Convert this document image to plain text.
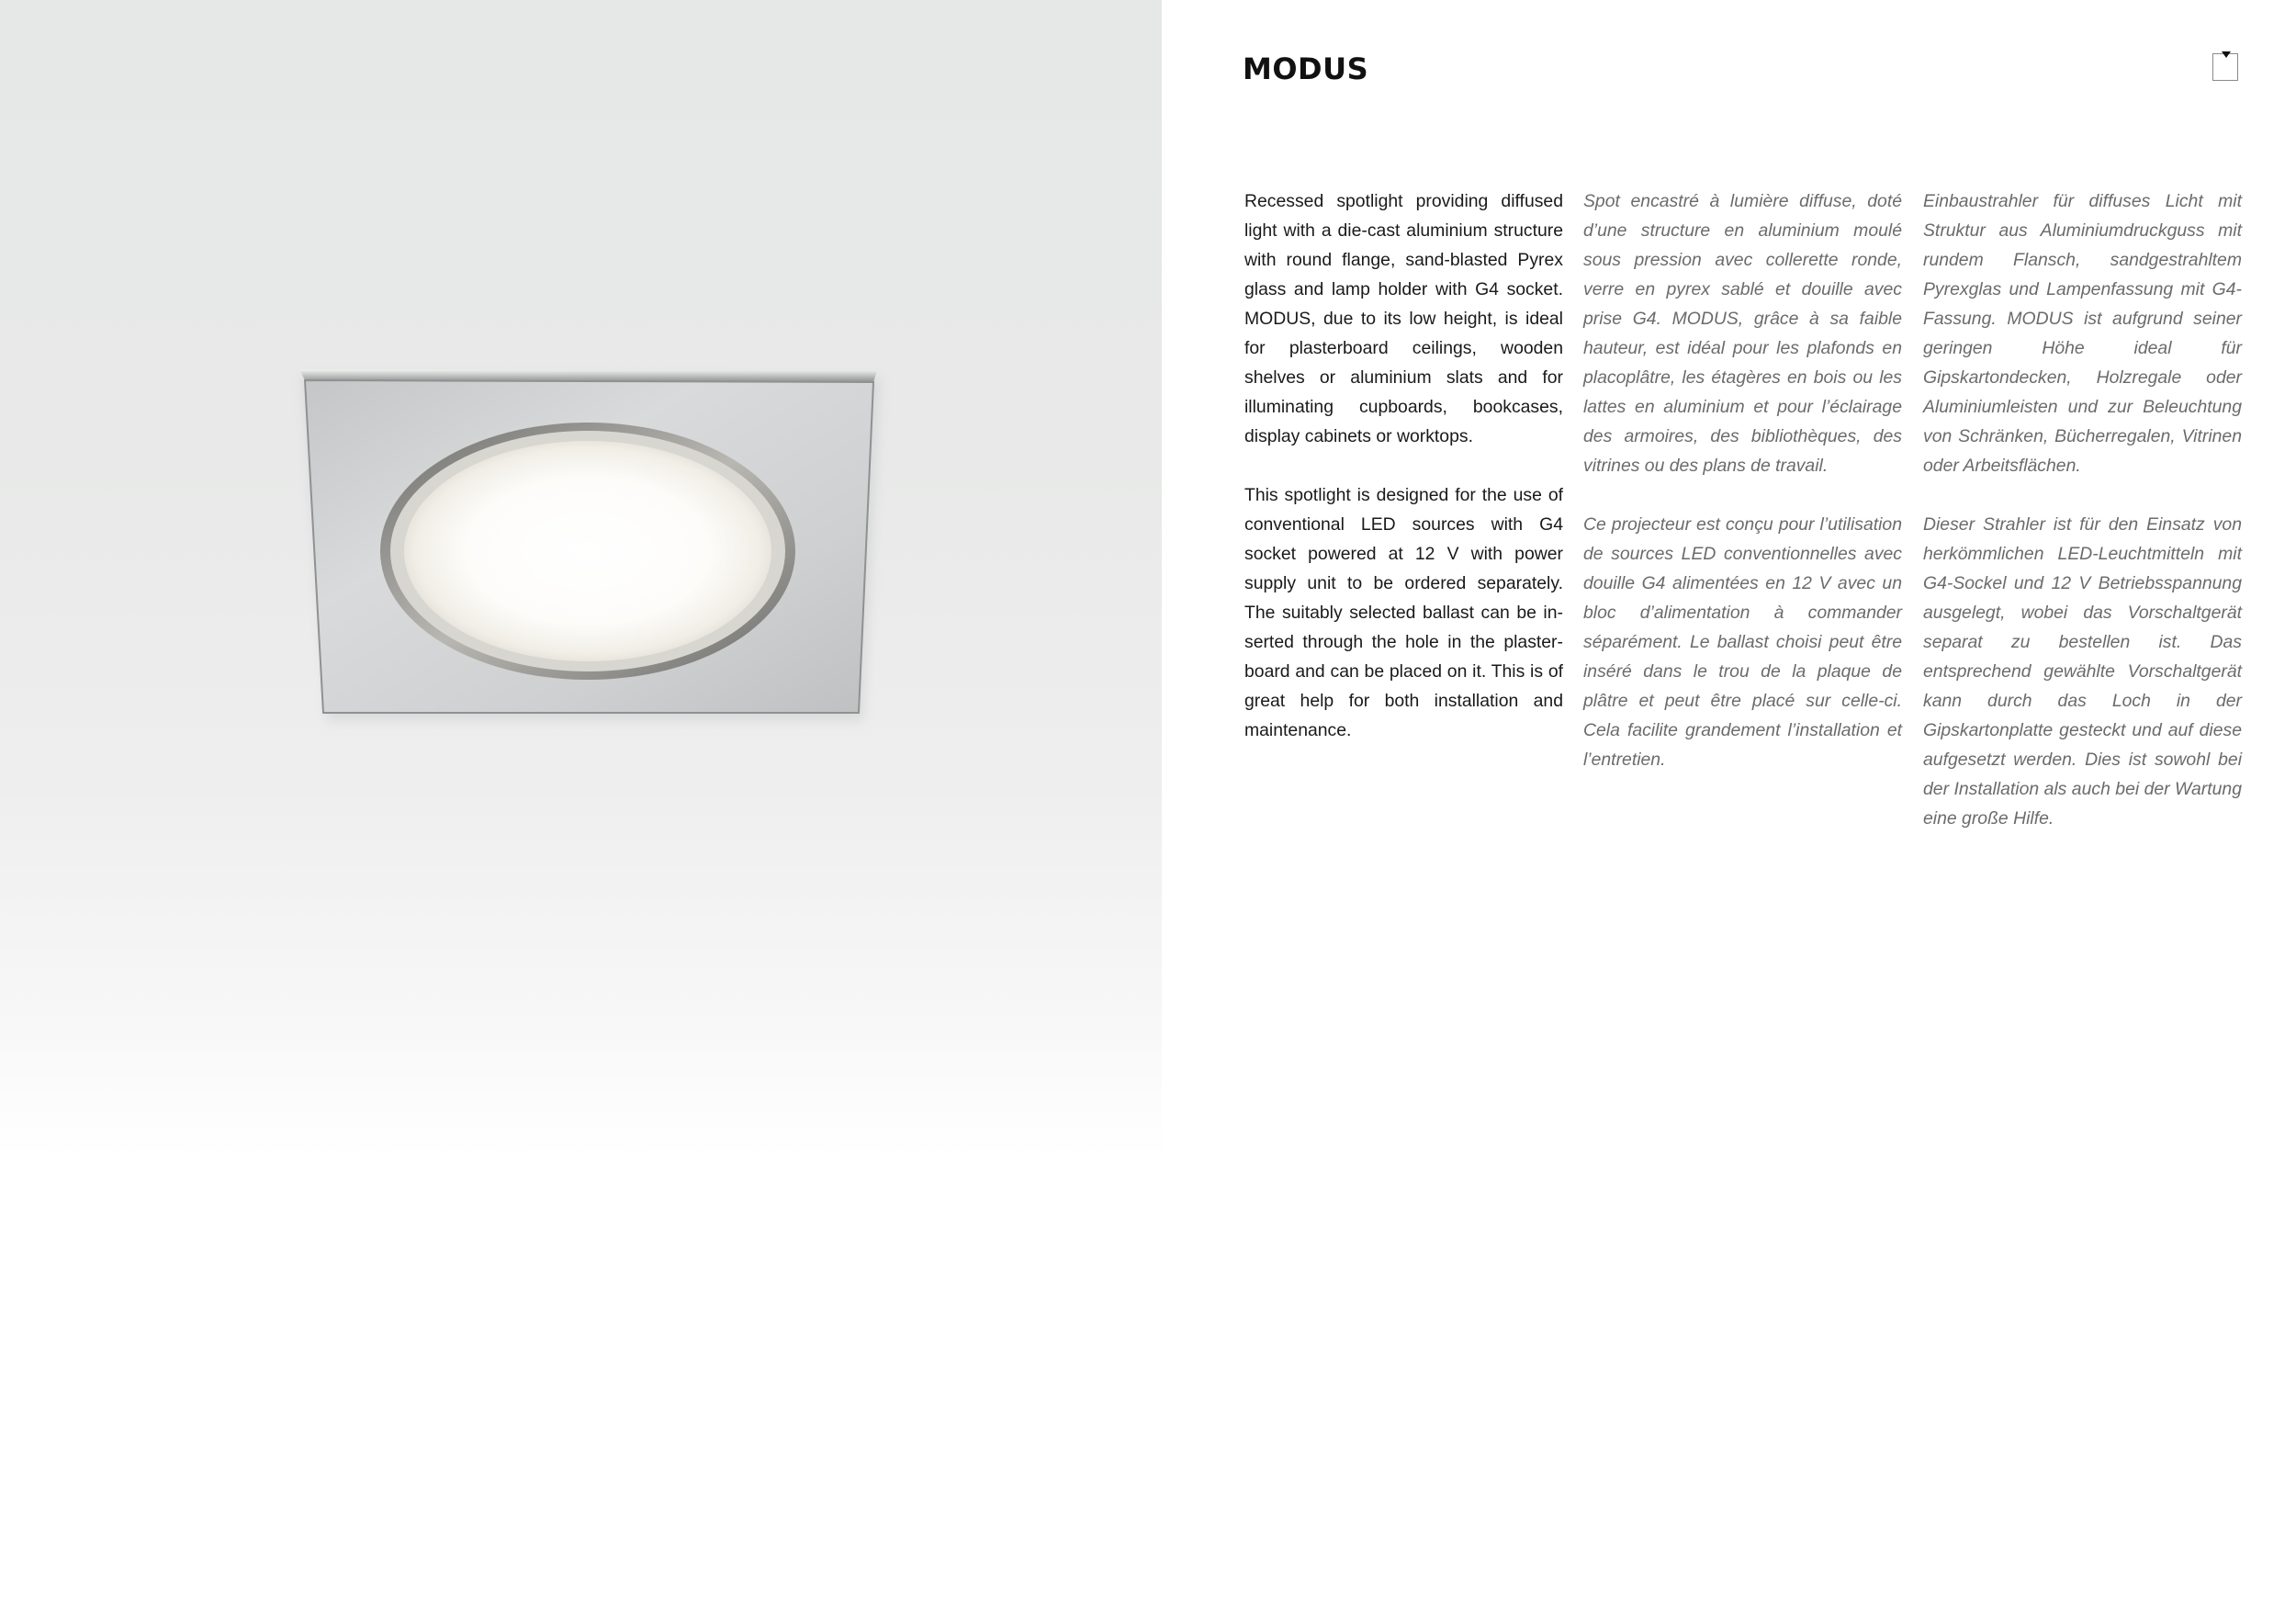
MODUS

Recessed spotlight providing diffused light with a die-cast aluminium structure with round flange, sand-blasted Pyrex glass and lamp holder with G4 socket. MODUS, due to its low height, is ideal for plasterboard ceilings, wooden shelves or aluminium slats and for illuminating cupboards, bookcases, display cabinets or worktops.

This spotlight is designed for the use of conventional LED sources with G4 socket powered at 12 V with power supply unit to be ordered separately. The suitably selected ballast can be inserted through the hole in the plasterboard and can be placed on it. This is of great help for both installation and maintenance.

Spot encastré à lumière diffuse, doté d’une structure en aluminium moulé sous pression avec collerette ronde, verre en pyrex sablé et douille avec prise G4. MODUS, grâce à sa faible hauteur, est idéal pour les plafonds en placoplâtre, les étagères en bois ou les lattes en aluminium et pour l’éclairage des armoires, des bibliothèques, des vitrines ou des plans de travail.

Ce projecteur est conçu pour l’utilisation de sources LED conventionnelles avec douille G4 alimentées en 12 V avec un bloc d’alimentation à commander séparément. Le ballast choisi peut être inséré dans le trou de la plaque de plâtre et peut être placé sur celle-ci. Cela facilite grandement l’installation et l’entretien.

Einbaustrahler für diffuses Licht mit Struktur aus Aluminiumdruckguss mit rundem Flansch, sandgestrahltem Pyrexglas und Lampenfassung mit G4-Fassung. MODUS ist aufgrund seiner geringen Höhe ideal für Gipskartondecken, Holzregale oder Aluminiumleisten und zur Beleuchtung von Schränken, Bücherregalen, Vitrinen oder Arbeitsflächen.

Dieser Strahler ist für den Einsatz von herkömmlichen LED-Leuchtmitteln mit G4-Sockel und 12 V Betriebsspannung ausgelegt, wobei das Vorschaltgerät separat zu bestellen ist. Das entsprechend gewählte Vorschaltgerät kann durch das Loch in der Gipskartonplatte gesteckt und auf diese aufgesetzt werden. Dies ist sowohl bei der Installation als auch bei der Wartung eine große Hilfe.
